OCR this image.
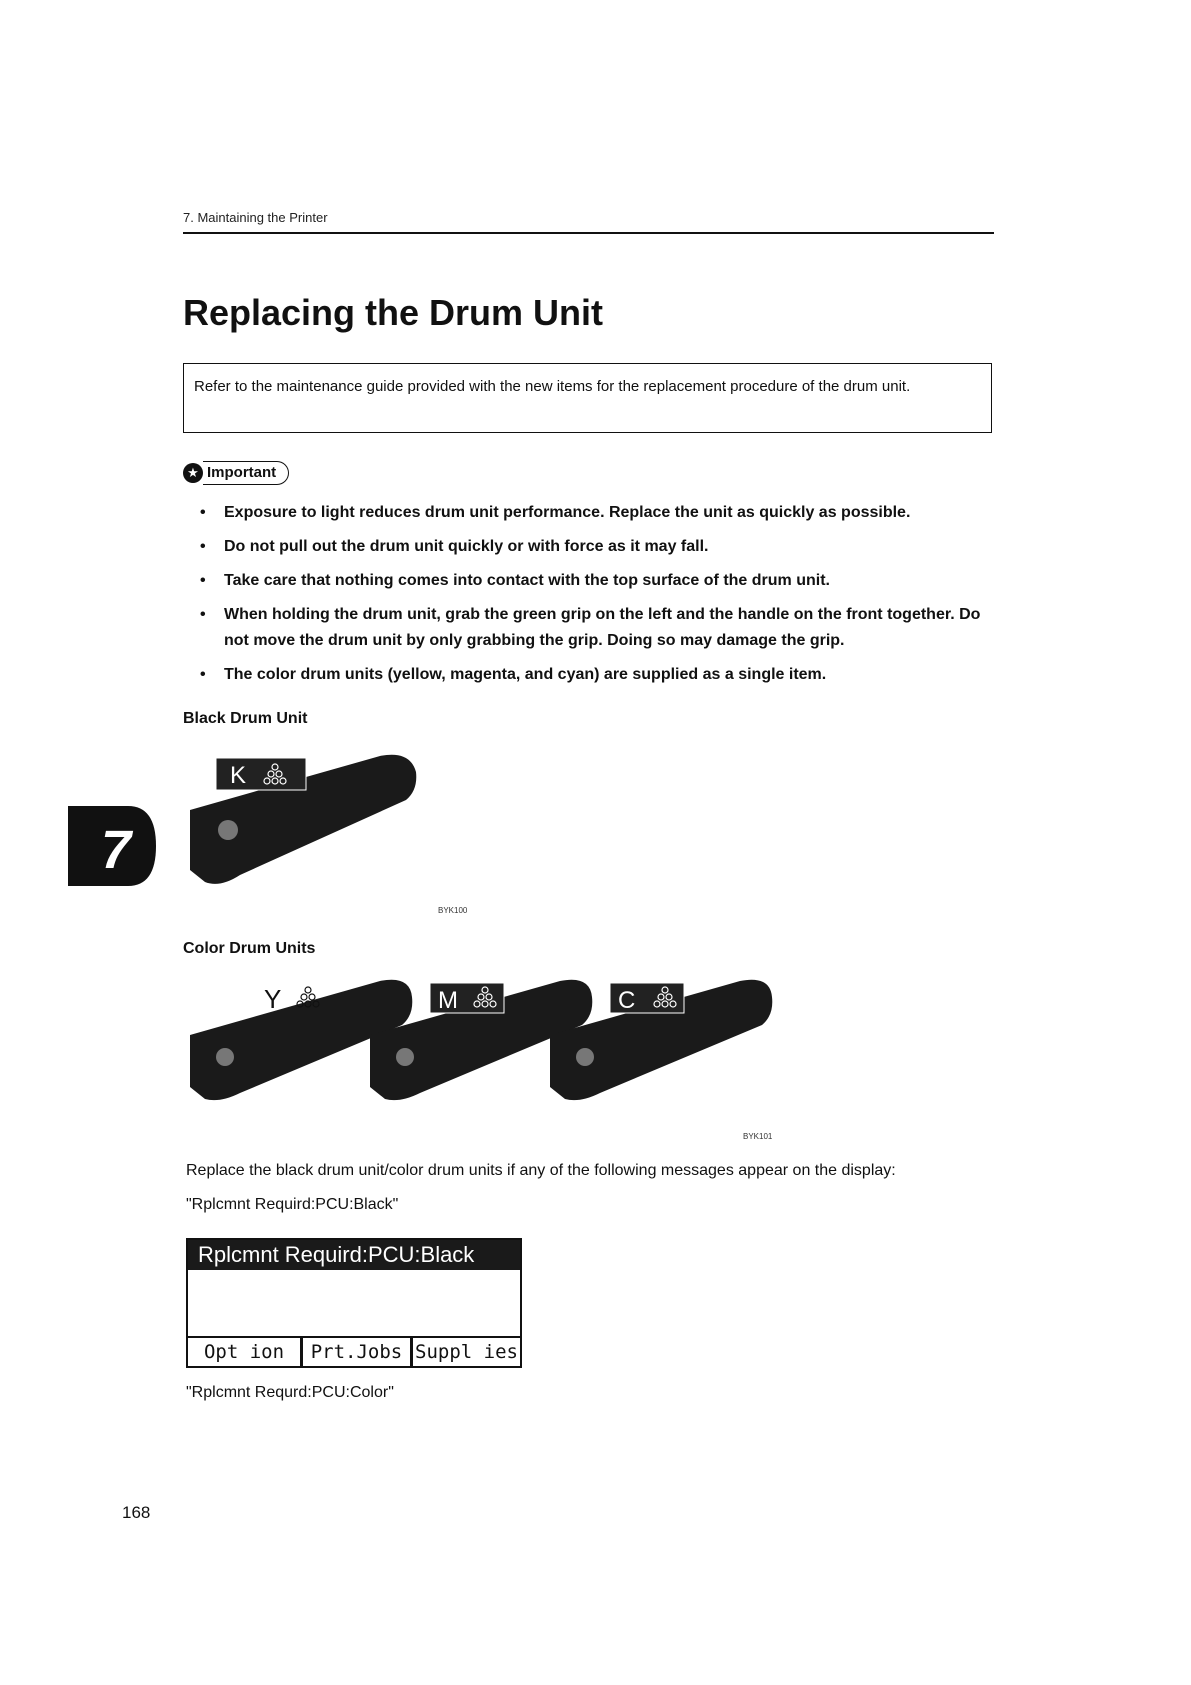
7. Maintaining the Printer
Replacing the Drum Unit
Refer to the maintenance guide provided with the new items for the replacement procedure of the drum unit.
★ Important
• Exposure to light reduces drum unit performance. Replace the unit as quickly as possible.
• Do not pull out the drum unit quickly or with force as it may fall.
• Take care that nothing comes into contact with the top surface of the drum unit.
• When holding the drum unit, grab the green grip on the left and the handle on the front together. Do not move the drum unit by only grabbing the grip. Doing so may damage the grip.
• The color drum units (yellow, magenta, and cyan) are supplied as a single item.
Black Drum Unit
K
BYK100
7
Color Drum Units
Y	M	C
BYK101
Replace the black drum unit/color drum units if any of the following messages appear on the display:
"Rplcmnt Requird:PCU:Black"
Rplcmnt Requird:PCU:Black
Opt ion	Prt.Jobs Suppl ies
"Rplcmnt Requrd:PCU:Color"
168
